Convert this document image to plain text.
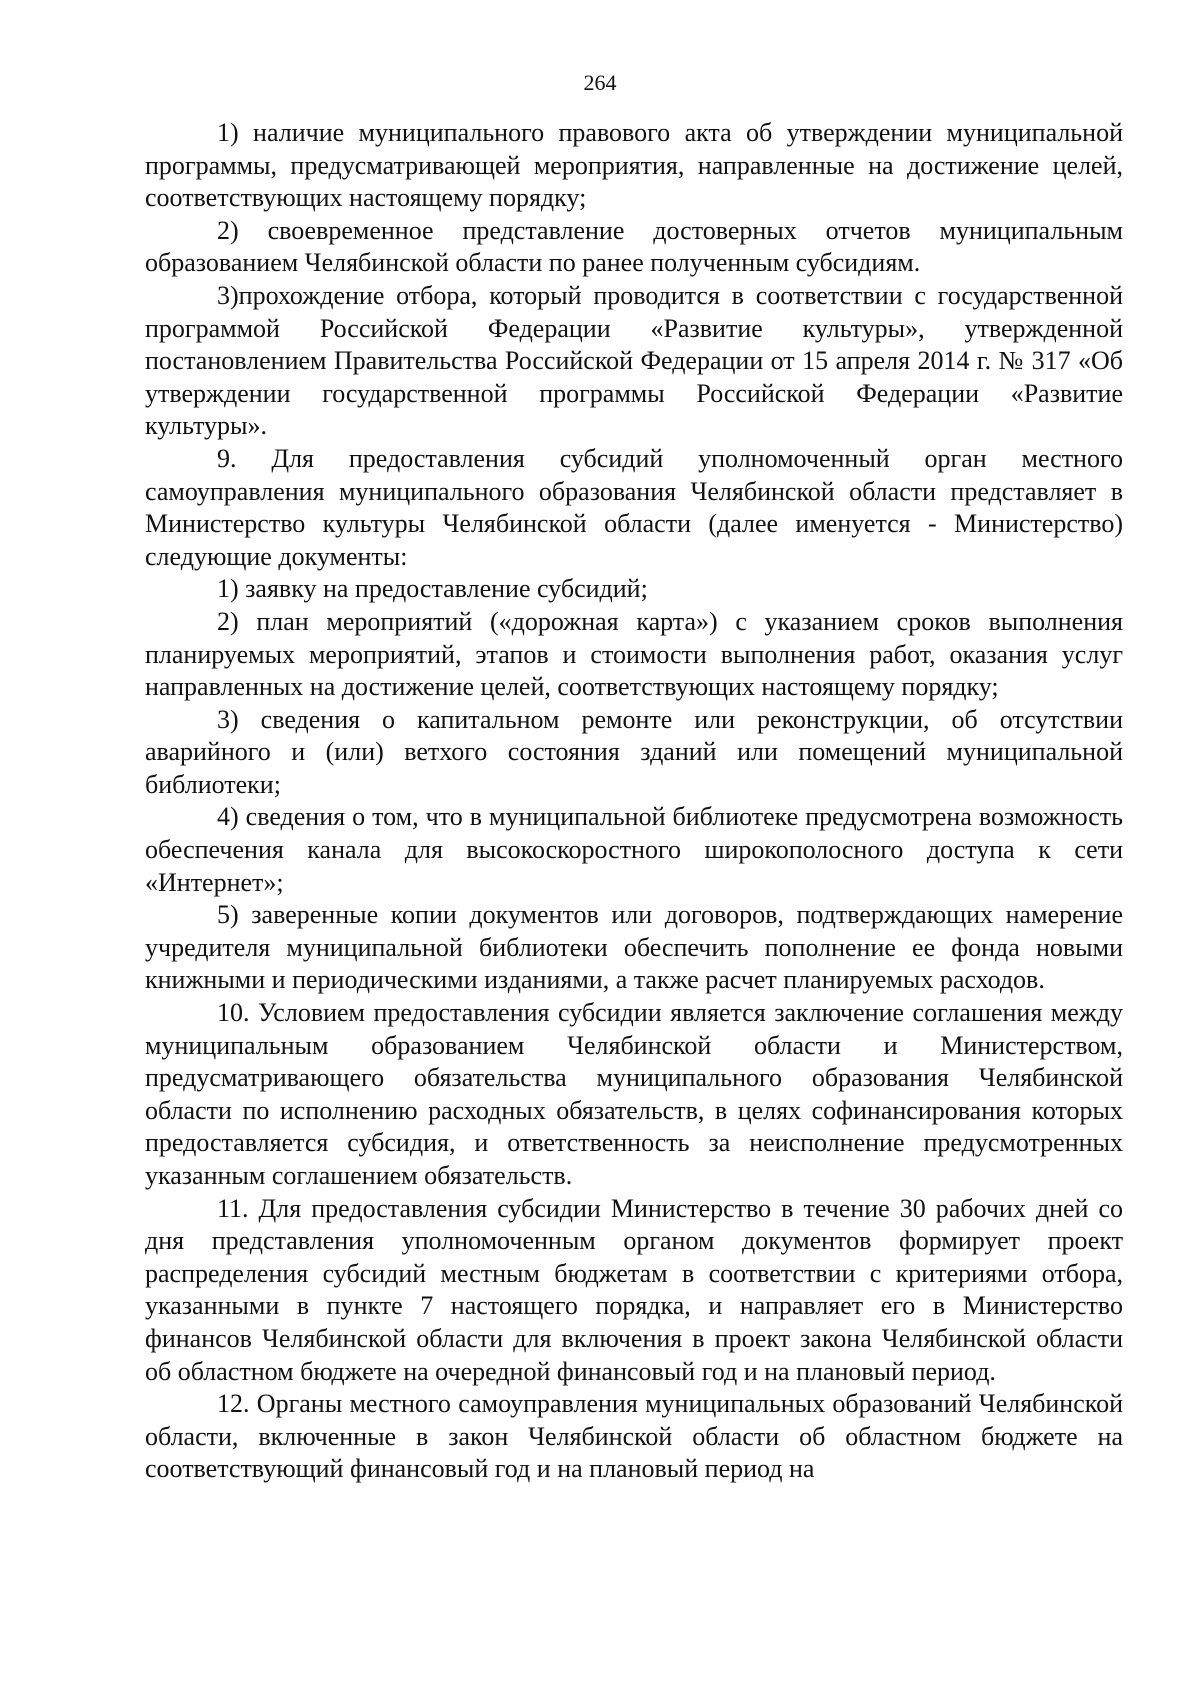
264

1) наличие муниципального правового акта об утверждении муниципальной программы, предусматривающей мероприятия, направленные на достижение целей, соответствующих настоящему порядку;

2) своевременное представление достоверных отчетов муниципальным образованием Челябинской области по ранее полученным субсидиям.

3)прохождение отбора, который проводится в соответствии с государственной программой Российской Федерации «Развитие культуры», утвержденной постановлением Правительства Российской Федерации от 15 апреля 2014 г. № 317 «Об утверждении государственной программы Российской Федерации «Развитие культуры».

9. Для предоставления субсидий уполномоченный орган местного самоуправления муниципального образования Челябинской области представляет в Министерство культуры Челябинской области (далее именуется - Министерство) следующие документы:

1) заявку на предоставление субсидий;

2) план мероприятий («дорожная карта») с указанием сроков выполнения планируемых мероприятий, этапов и стоимости выполнения работ, оказания услуг направленных на достижение целей, соответствующих настоящему порядку;

3) сведения о капитальном ремонте или реконструкции, об отсутствии аварийного и (или) ветхого состояния зданий или помещений муниципальной библиотеки;

4) сведения о том, что в муниципальной библиотеке предусмотрена возможность обеспечения канала для высокоскоростного широкополосного доступа к сети «Интернет»;

5) заверенные копии документов или договоров, подтверждающих намерение учредителя муниципальной библиотеки обеспечить пополнение ее фонда новыми книжными и периодическими изданиями, а также расчет планируемых расходов.

10. Условием предоставления субсидии является заключение соглашения между муниципальным образованием Челябинской области и Министерством, предусматривающего обязательства муниципального образования Челябинской области по исполнению расходных обязательств, в целях софинансирования которых предоставляется субсидия, и ответственность за неисполнение предусмотренных указанным соглашением обязательств.

11. Для предоставления субсидии Министерство в течение 30 рабочих дней со дня представления уполномоченным органом документов формирует проект распределения субсидий местным бюджетам в соответствии с критериями отбора, указанными в пункте 7 настоящего порядка, и направляет его в Министерство финансов Челябинской области для включения в проект закона Челябинской области об областном бюджете на очередной финансовый год и на плановый период.

12. Органы местного самоуправления муниципальных образований Челябинской области, включенные в закон Челябинской области об областном бюджете на соответствующий финансовый год и на плановый период на
